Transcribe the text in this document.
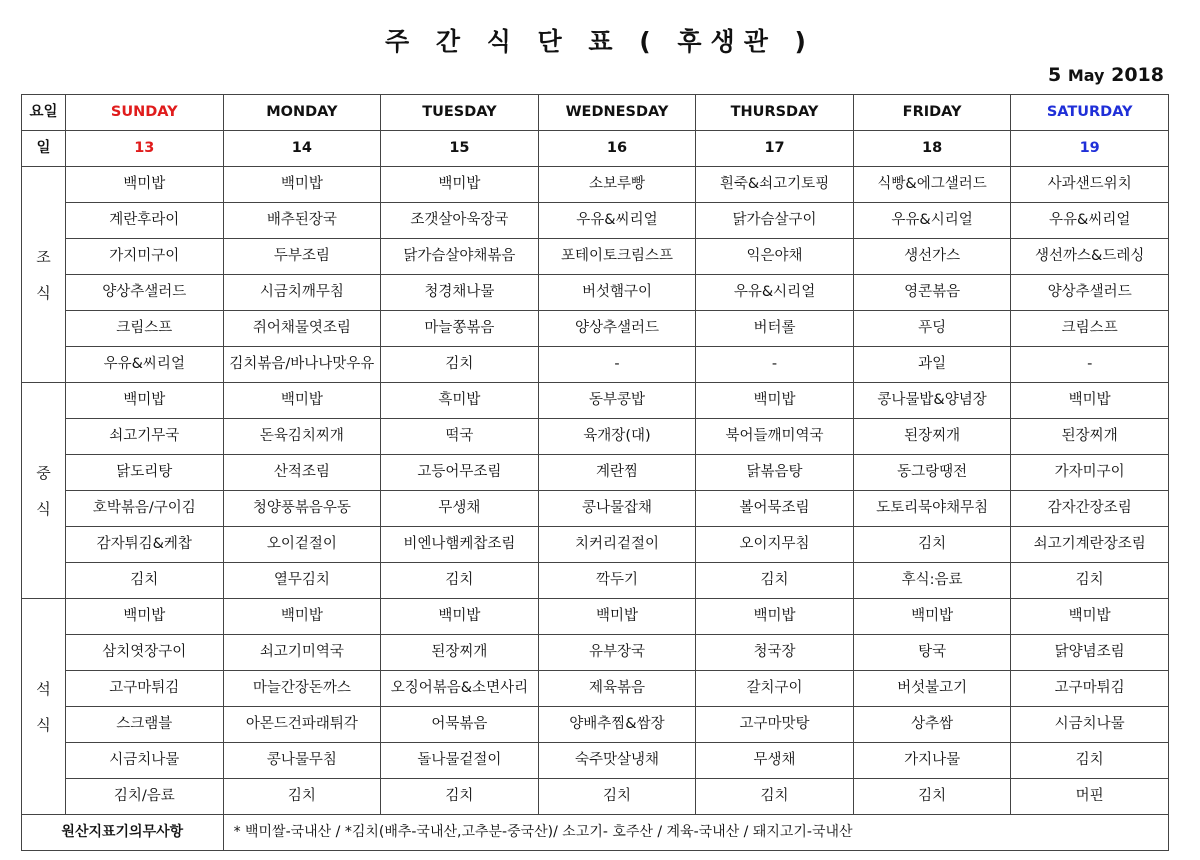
주 간 식 단 표 ( 후생관 )
5 May 2018
요일	SUNDAY	MONDAY	TUESDAY	WEDNESDAY	THURSDAY	FRIDAY	SATURDAY
일	13	14	15	16	17	18	19

조식	백미밥	백미밥	백미밥	소보루빵	흰죽&쇠고기토핑	식빵&에그샐러드	사과샌드위치
	계란후라이	배추된장국	조갯살아욱장국	우유&씨리얼	닭가슴살구이	우유&시리얼	우유&씨리얼
	가지미구이	두부조림	닭가슴살야채볶음	포테이토크림스프	익은야채	생선가스	생선까스&드레싱
	양상추샐러드	시금치깨무침	청경채나물	버섯햄구이	우유&시리얼	영콘볶음	양상추샐러드
	크림스프	쥐어채물엿조림	마늘쫑볶음	양상추샐러드	버터롤	푸딩	크림스프
	우유&씨리얼	김치볶음/바나나맛우유	김치	-	-	과일	-

중식	백미밥	백미밥	흑미밥	동부콩밥	백미밥	콩나물밥&양념장	백미밥
	쇠고기무국	돈육김치찌개	떡국	육개장(대)	북어들깨미역국	된장찌개	된장찌개
	닭도리탕	산적조림	고등어무조림	계란찜	닭볶음탕	동그랑땡전	가자미구이
	호박볶음/구이김	청양풍볶음우동	무생채	콩나물잡채	볼어묵조림	도토리묵야채무침	감자간장조림
	감자튀김&케찹	오이겉절이	비엔나햄케찹조림	치커리겉절이	오이지무침	김치	쇠고기계란장조림
	김치	열무김치	김치	깍두기	김치	후식:음료	김치

석식	백미밥	백미밥	백미밥	백미밥	백미밥	백미밥	백미밥
	삼치엿장구이	쇠고기미역국	된장찌개	유부장국	청국장	탕국	닭양념조림
	고구마튀김	마늘간장돈까스	오징어볶음&소면사리	제육볶음	갈치구이	버섯불고기	고구마튀김
	스크램블	아몬드건파래튀각	어묵볶음	양배추찜&쌈장	고구마맛탕	상추쌈	시금치나물
	시금치나물	콩나물무침	돌나물겉절이	숙주맛살냉채	무생채	가지나물	김치
	김치/음료	김치	김치	김치	김치	김치	머핀
원산지표기의무사항		* 백미쌀-국내산 / *김치(배추-국내산,고추분-중국산)/ 소고기- 호주산 / 계육-국내산 / 돼지고기-국내산					
